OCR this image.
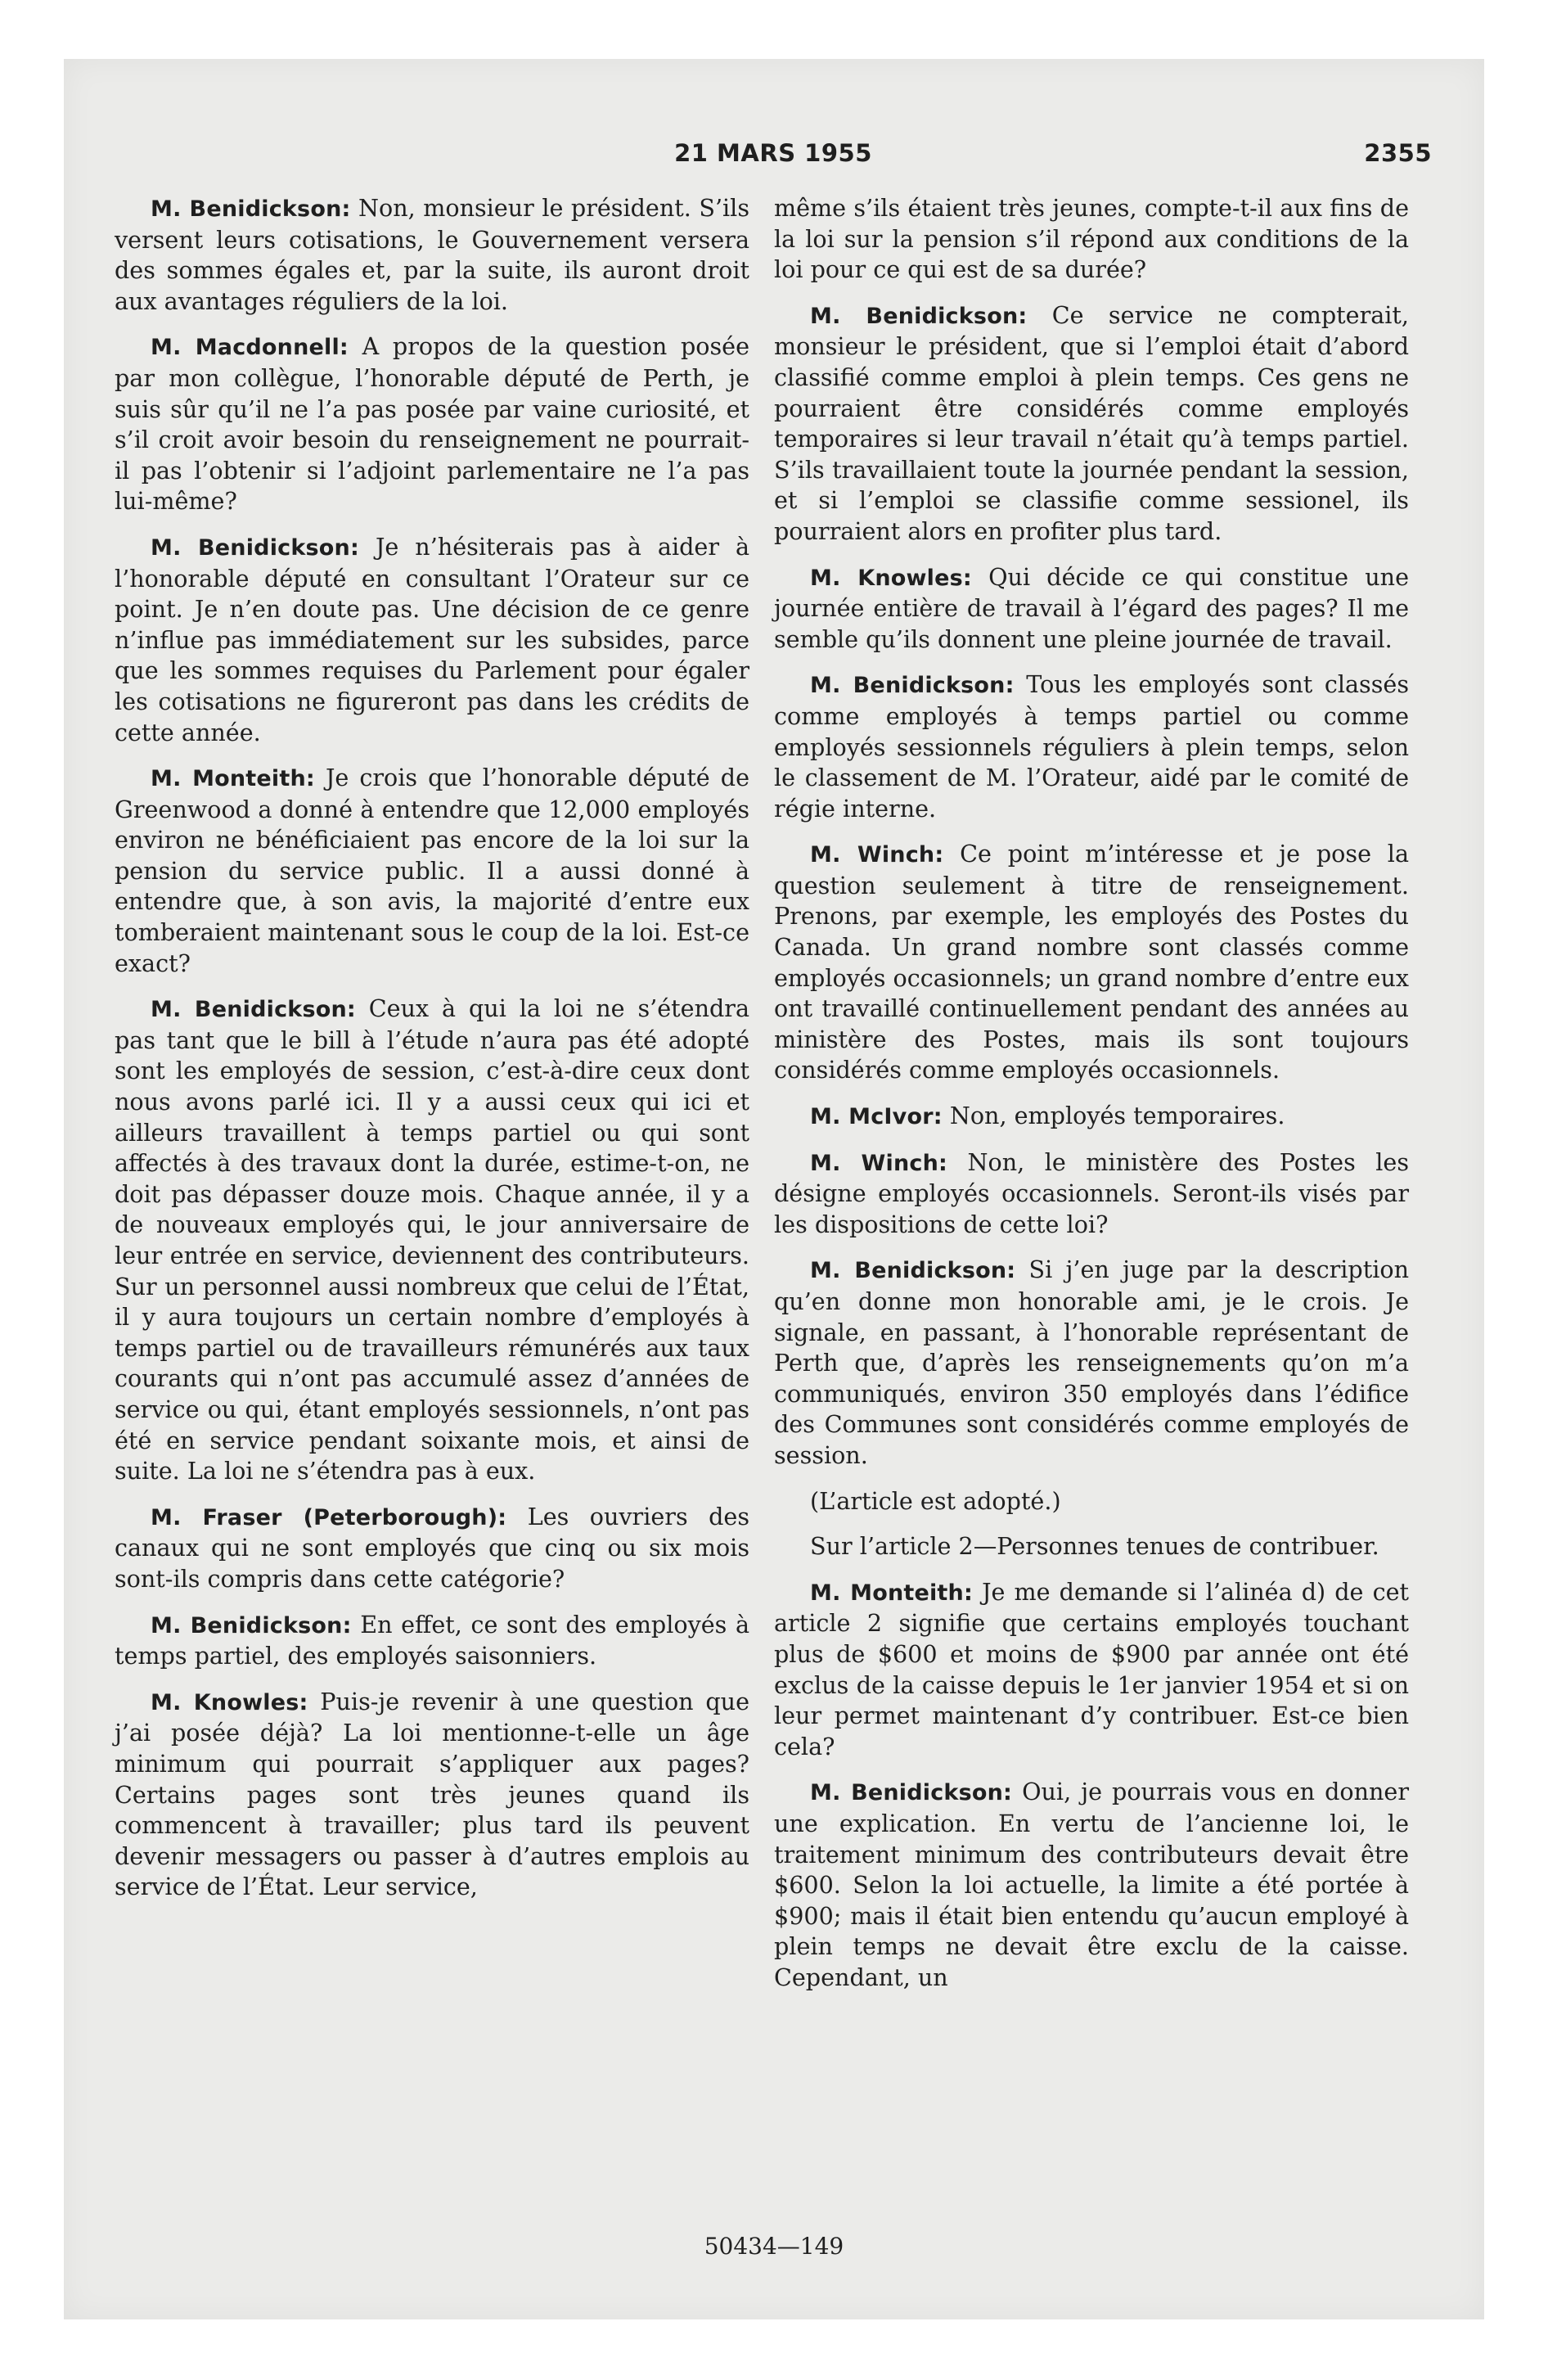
21 MARS 1955	2355

M. Benidickson: Non, monsieur le président. S’ils versent leurs cotisations, le Gouvernement versera des sommes égales et, par la suite, ils auront droit aux avantages réguliers de la loi.

M. Macdonnell: A propos de la question posée par mon collègue, l’honorable député de Perth, je suis sûr qu’il ne l’a pas posée par vaine curiosité, et s’il croit avoir besoin du renseignement ne pourrait-il pas l’obtenir si l’adjoint parlementaire ne l’a pas lui-même?

M. Benidickson: Je n’hésiterais pas à aider à l’honorable député en consultant l’Orateur sur ce point. Je n’en doute pas. Une décision de ce genre n’influe pas immédiatement sur les subsides, parce que les sommes requises du Parlement pour égaler les cotisations ne figureront pas dans les crédits de cette année.

M. Monteith: Je crois que l’honorable député de Greenwood a donné à entendre que 12,000 employés environ ne bénéficiaient pas encore de la loi sur la pension du service public. Il a aussi donné à entendre que, à son avis, la majorité d’entre eux tomberaient maintenant sous le coup de la loi. Est-ce exact?

M. Benidickson: Ceux à qui la loi ne s’étendra pas tant que le bill à l’étude n’aura pas été adopté sont les employés de session, c’est-à-dire ceux dont nous avons parlé ici. Il y a aussi ceux qui ici et ailleurs travaillent à temps partiel ou qui sont affectés à des travaux dont la durée, estime-t-on, ne doit pas dépasser douze mois. Chaque année, il y a de nouveaux employés qui, le jour anniversaire de leur entrée en service, deviennent des contributeurs. Sur un personnel aussi nombreux que celui de l’État, il y aura toujours un certain nombre d’employés à temps partiel ou de travailleurs rémunérés aux taux courants qui n’ont pas accumulé assez d’années de service ou qui, étant employés sessionnels, n’ont pas été en service pendant soixante mois, et ainsi de suite. La loi ne s’étendra pas à eux.

M. Fraser (Peterborough): Les ouvriers des canaux qui ne sont employés que cinq ou six mois sont-ils compris dans cette catégorie?

M. Benidickson: En effet, ce sont des employés à temps partiel, des employés saisonniers.

M. Knowles: Puis-je revenir à une question que j’ai posée déjà? La loi mentionne-t-elle un âge minimum qui pourrait s’appliquer aux pages? Certains pages sont très jeunes quand ils commencent à travailler; plus tard ils peuvent devenir messagers ou passer à d’autres emplois au service de l’État. Leur service,

même s’ils étaient très jeunes, compte-t-il aux fins de la loi sur la pension s’il répond aux conditions de la loi pour ce qui est de sa durée?

M. Benidickson: Ce service ne compterait, monsieur le président, que si l’emploi était d’abord classifié comme emploi à plein temps. Ces gens ne pourraient être considérés comme employés temporaires si leur travail n’était qu’à temps partiel. S’ils travaillaient toute la journée pendant la session, et si l’emploi se classifie comme sessionel, ils pourraient alors en profiter plus tard.

M. Knowles: Qui décide ce qui constitue une journée entière de travail à l’égard des pages? Il me semble qu’ils donnent une pleine journée de travail.

M. Benidickson: Tous les employés sont classés comme employés à temps partiel ou comme employés sessionnels réguliers à plein temps, selon le classement de M. l’Orateur, aidé par le comité de régie interne.

M. Winch: Ce point m’intéresse et je pose la question seulement à titre de renseignement. Prenons, par exemple, les employés des Postes du Canada. Un grand nombre sont classés comme employés occasionnels; un grand nombre d’entre eux ont travaillé continuellement pendant des années au ministère des Postes, mais ils sont toujours considérés comme employés occasionnels.

M. McIvor: Non, employés temporaires.

M. Winch: Non, le ministère des Postes les désigne employés occasionnels. Seront-ils visés par les dispositions de cette loi?

M. Benidickson: Si j’en juge par la description qu’en donne mon honorable ami, je le crois. Je signale, en passant, à l’honorable représentant de Perth que, d’après les renseignements qu’on m’a communiqués, environ 350 employés dans l’édifice des Communes sont considérés comme employés de session.

(L’article est adopté.)

Sur l’article 2—Personnes tenues de contribuer.

M. Monteith: Je me demande si l’alinéa d) de cet article 2 signifie que certains employés touchant plus de $600 et moins de $900 par année ont été exclus de la caisse depuis le 1er janvier 1954 et si on leur permet maintenant d’y contribuer. Est-ce bien cela?

M. Benidickson: Oui, je pourrais vous en donner une explication. En vertu de l’ancienne loi, le traitement minimum des contributeurs devait être $600. Selon la loi actuelle, la limite a été portée à $900; mais il était bien entendu qu’aucun employé à plein temps ne devait être exclu de la caisse. Cependant, un

50434—149
